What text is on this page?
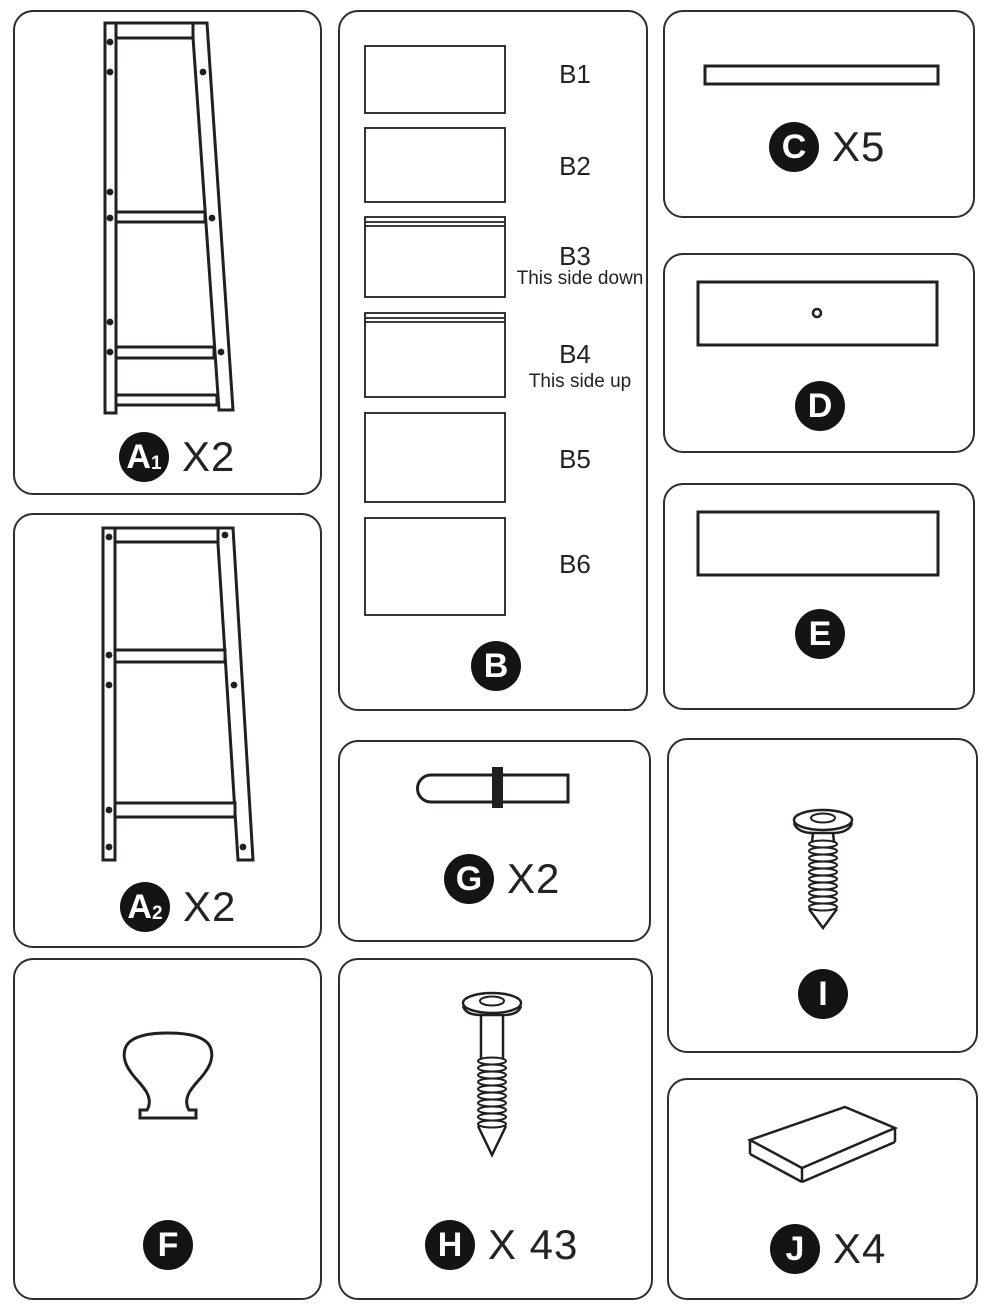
A 1 X2
A 2 X2
F
B1
B2
B3
This side down
B4
This side up
B5
B6
B
G X2
H X 43
C X5
D
E
I
J X4
